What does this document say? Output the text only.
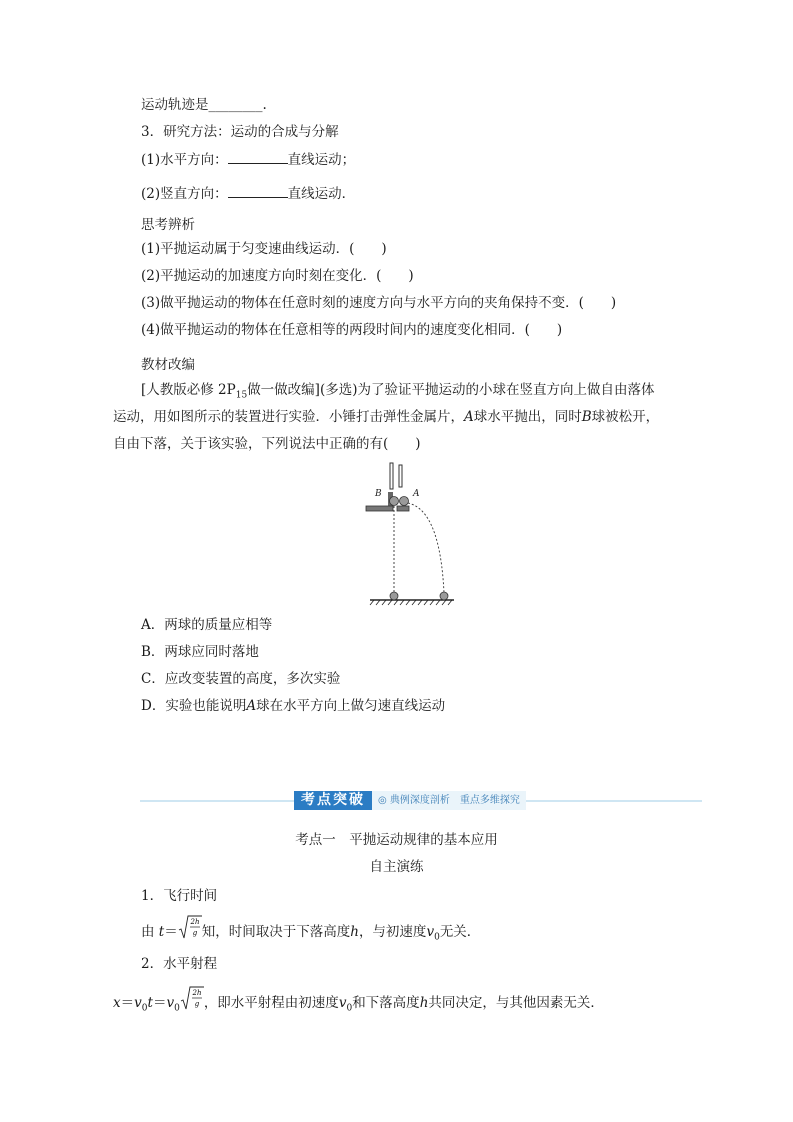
运动轨迹是________.
3．研究方法：运动的合成与分解
(1)水平方向：	直线运动；
(2)竖直方向：	直线运动．
思考辨析
(1)平抛运动属于匀变速曲线运动．(　　)
(2)平抛运动的加速度方向时刻在变化．(　　)
(3)做平抛运动的物体在任意时刻的速度方向与水平方向的夹角保持不变．(　　)
(4)做平抛运动的物体在任意相等的两段时间内的速度变化相同．(　　)
教材改编
[人教版必修 $2P_{15}$做一做改编](多选)为了验证平抛运动的小球在竖直方向上做自由落体
运动，用如图所示的装置进行实验．小锤打击弹性金属片，A球水平抛出，同时B球被松开，
自由下落，关于该实验，下列说法中正确的有(　　)
B	A
A．两球的质量应相等
B．两球应同时落地
C．应改变装置的高度，多次实验
D．实验也能说明A球在水平方向上做匀速直线运动
考点突破	◎ 典例深度剖析　重点多维探究
考点一　平抛运动规律的基本应用
自主演练
1．飞行时间
由 t＝
2h
g 知，时间取决于下落高度h，与初速度$v_0$无关．
2．水平射程
$x=v_0t=v_0$
2h
g ，即水平射程由初速度$v_0$和下落高度h共同决定，与其他因素无关．
